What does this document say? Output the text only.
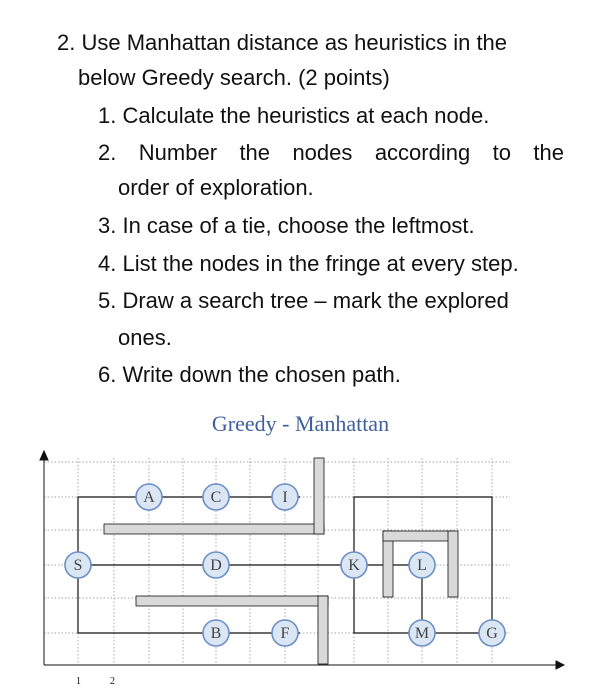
2. Use Manhattan distance as heuristics in the
below Greedy search. (2 points)
1. Calculate the heuristics at each node.
2. Number the nodes according to the
order of exploration.
3. In case of a tie, choose the leftmost.
4. List the nodes in the fringe at every step.
5. Draw a search tree – mark the explored
ones.
6. Write down the chosen path.
Greedy - Manhattan
1	2
A	C	I
S	D	K	L
B	F	M	G
